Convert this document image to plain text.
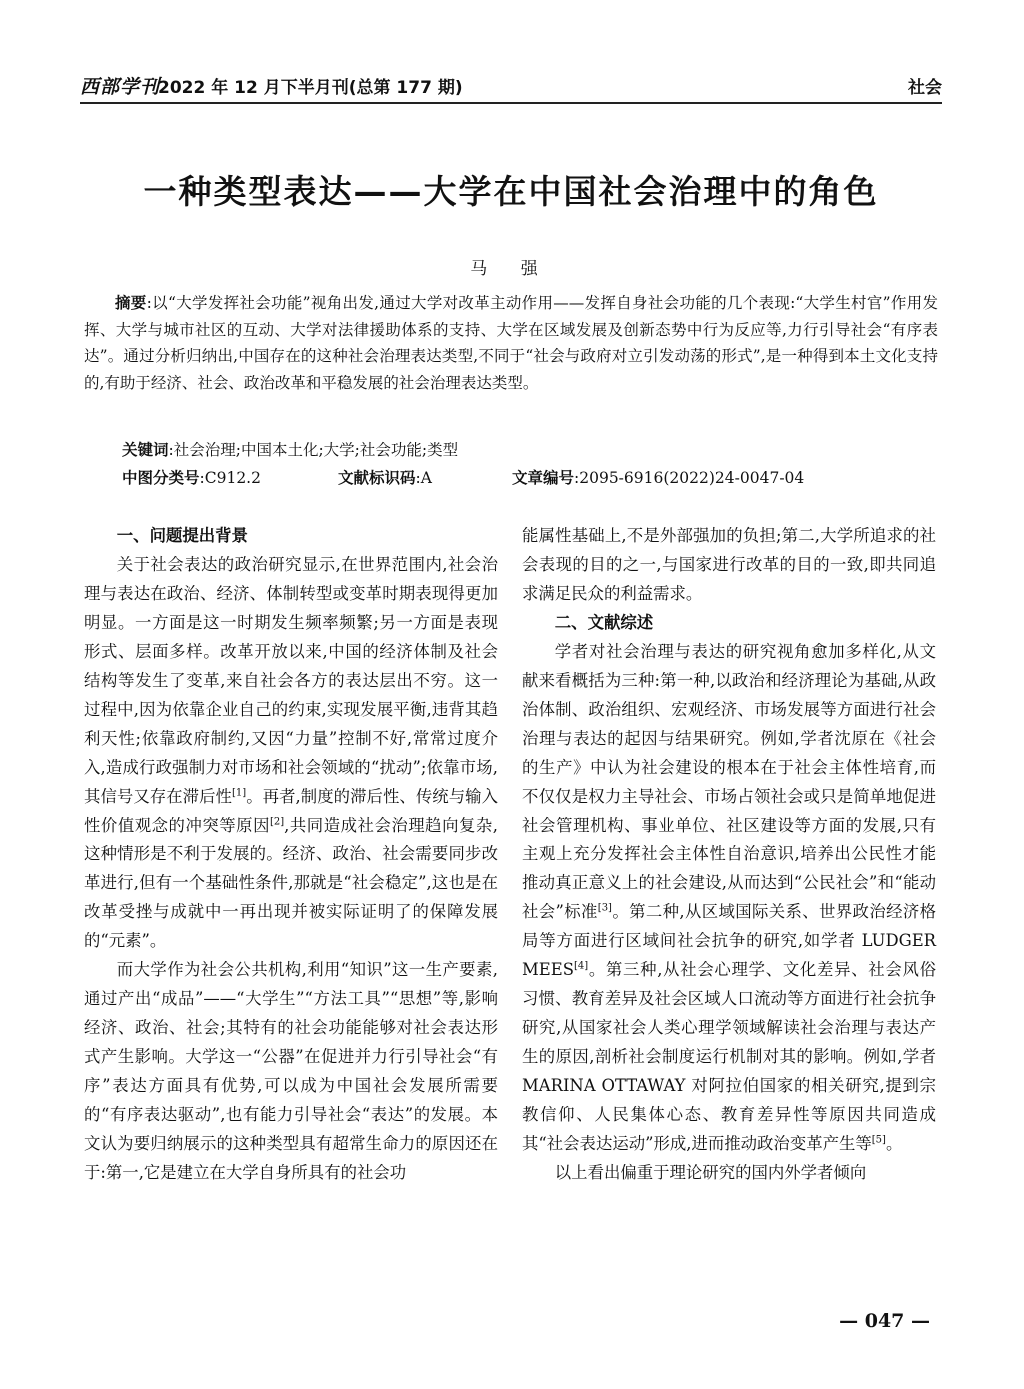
西部学刊
2022 年 12 月下半月刊(总第 177 期)	社会
一种类型表达——大学在中国社会治理中的角色
马 强
摘要:以“大学发挥社会功能”视角出发,通过大学对改革主动作用——发挥自身社会功能的几个表现:“大学生村官”作用发挥、大学与城市社区的互动、大学对法律援助体系的支持、大学在区域发展及创新态势中行为反应等,力行引导社会“有序表达”。通过分析归纳出,中国存在的这种社会治理表达类型,不同于“社会与政府对立引发动荡的形式”,是一种得到本土文化支持的,有助于经济、社会、政治改革和平稳发展的社会治理表达类型。
关键词:社会治理;中国本土化;大学;社会功能;类型
中图分类号:C912.2	文献标识码:A	文章编号:2095-6916(2022)24-0047-04

一、问题提出背景

关于社会表达的政治研究显示,在世界范围内,社会治理与表达在政治、经济、体制转型或变革时期表现得更加明显。一方面是这一时期发生频率频繁;另一方面是表现形式、层面多样。改革开放以来,中国的经济体制及社会结构等发生了变革,来自社会各方的表达层出不穷。这一过程中,因为依靠企业自己的约束,实现发展平衡,违背其趋利天性;依靠政府制约,又因“力量”控制不好,常常过度介入,造成行政强制力对市场和社会领域的“扰动”;依靠市场,其信号又存在滞后性[1]。再者,制度的滞后性、传统与输入性价值观念的冲突等原因[2],共同造成社会治理趋向复杂,这种情形是不利于发展的。经济、政治、社会需要同步改革进行,但有一个基础性条件,那就是“社会稳定”,这也是在改革受挫与成就中一再出现并被实际证明了的保障发展的“元素”。

而大学作为社会公共机构,利用“知识”这一生产要素,通过产出“成品”——“大学生”“方法工具”“思想”等,影响经济、政治、社会;其特有的社会功能能够对社会表达形式产生影响。大学这一“公器”在促进并力行引导社会“有序”表达方面具有优势,可以成为中国社会发展所需要的“有序表达驱动”,也有能力引导社会“表达”的发展。本文认为要归纳展示的这种类型具有超常生命力的原因还在于:第一,它是建立在大学自身所具有的社会功

能属性基础上,不是外部强加的负担;第二,大学所追求的社会表现的目的之一,与国家进行改革的目的一致,即共同追求满足民众的利益需求。

二、文献综述

学者对社会治理与表达的研究视角愈加多样化,从文献来看概括为三种:第一种,以政治和经济理论为基础,从政治体制、政治组织、宏观经济、市场发展等方面进行社会治理与表达的起因与结果研究。例如,学者沈原在《社会的生产》中认为社会建设的根本在于社会主体性培育,而不仅仅是权力主导社会、市场占领社会或只是简单地促进社会管理机构、事业单位、社区建设等方面的发展,只有主观上充分发挥社会主体性自治意识,培养出公民性才能推动真正意义上的社会建设,从而达到“公民社会”和“能动社会”标准[3]。第二种,从区域国际关系、世界政治经济格局等方面进行区域间社会抗争的研究,如学者 LUDGER MEES[4]。第三种,从社会心理学、文化差异、社会风俗习惯、教育差异及社会区域人口流动等方面进行社会抗争研究,从国家社会人类心理学领域解读社会治理与表达产生的原因,剖析社会制度运行机制对其的影响。例如,学者 MARINA OTTAWAY 对阿拉伯国家的相关研究,提到宗教信仰、人民集体心态、教育差异性等原因共同造成其“社会表达运动”形成,进而推动政治变革产生等[5]。

以上看出偏重于理论研究的国内外学者倾向

— 047 —
